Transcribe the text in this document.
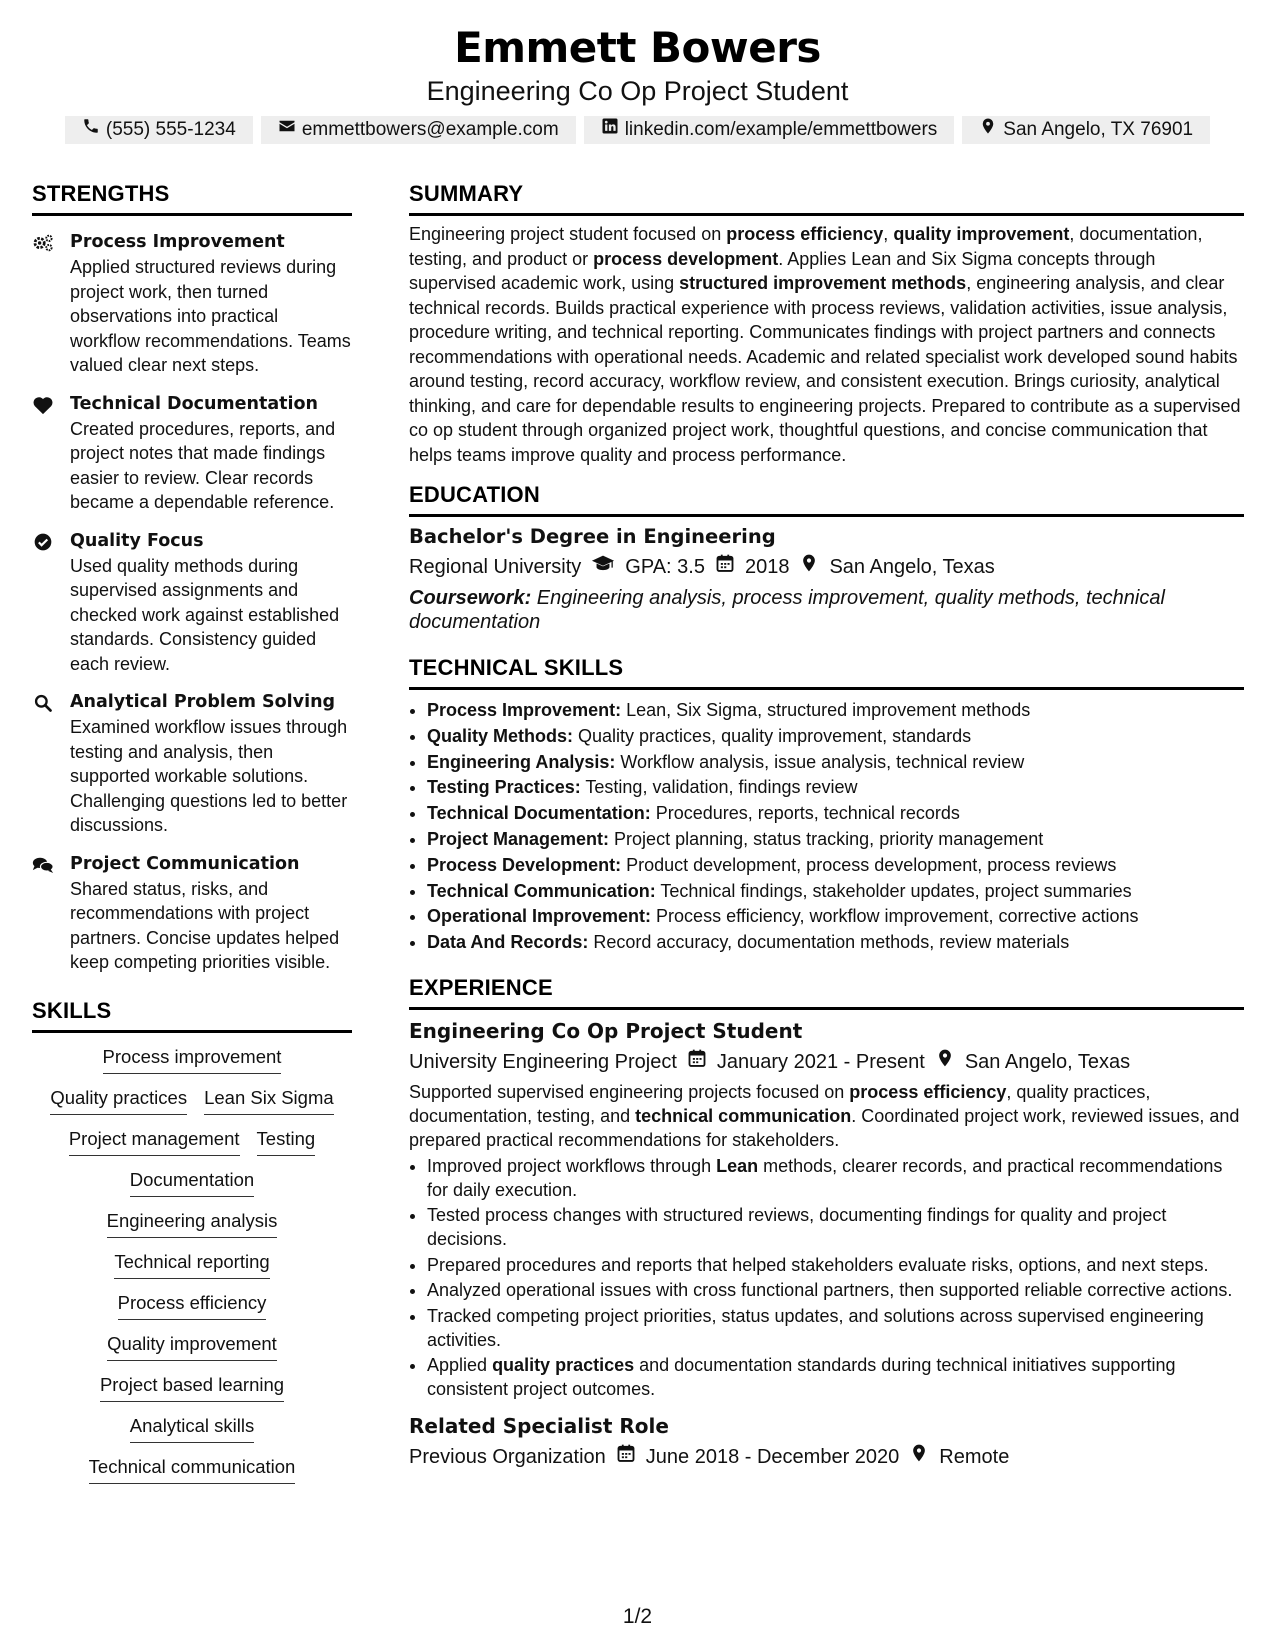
Emmett Bowers
Engineering Co Op Project Student
(555) 555-1234	emmettbowers@example.com	linkedin.com/example/emmettbowers	San Angelo, TX 76901
STRENGTHS
Process Improvement
Applied structured reviews during project work, then turned observations into practical workflow recommendations. Teams valued clear next steps.
Technical Documentation
Created procedures, reports, and project notes that made findings easier to review. Clear records became a dependable reference.
Quality Focus
Used quality methods during supervised assignments and checked work against established standards. Consistency guided each review.
Analytical Problem Solving
Examined workflow issues through testing and analysis, then supported workable solutions. Challenging questions led to better discussions.
Project Communication
Shared status, risks, and recommendations with project partners. Concise updates helped keep competing priorities visible.
SKILLS
Process improvement
Quality practices Lean Six Sigma
Project management Testing
Documentation
Engineering analysis
Technical reporting
Process efficiency
Quality improvement
Project based learning
Analytical skills
Technical communication
SUMMARY
Engineering project student focused on process efficiency, quality improvement, documentation, testing, and product or process development. Applies Lean and Six Sigma concepts through supervised academic work, using structured improvement methods, engineering analysis, and clear technical records. Builds practical experience with process reviews, validation activities, issue analysis, procedure writing, and technical reporting. Communicates findings with project partners and connects recommendations with operational needs. Academic and related specialist work developed sound habits around testing, record accuracy, workflow review, and consistent execution. Brings curiosity, analytical thinking, and care for dependable results to engineering projects. Prepared to contribute as a supervised co op student through organized project work, thoughtful questions, and concise communication that helps teams improve quality and process performance.
EDUCATION
Bachelor's Degree in Engineering
Regional University GPA: 3.5 2018 San Angelo, Texas
Coursework: Engineering analysis, process improvement, quality methods, technical documentation
TECHNICAL SKILLS
• Process Improvement: Lean, Six Sigma, structured improvement methods
• Quality Methods: Quality practices, quality improvement, standards
• Engineering Analysis: Workflow analysis, issue analysis, technical review
• Testing Practices: Testing, validation, findings review
• Technical Documentation: Procedures, reports, technical records
• Project Management: Project planning, status tracking, priority management
• Process Development: Product development, process development, process reviews
• Technical Communication: Technical findings, stakeholder updates, project summaries
• Operational Improvement: Process efficiency, workflow improvement, corrective actions
• Data And Records: Record accuracy, documentation methods, review materials
EXPERIENCE
Engineering Co Op Project Student
University Engineering Project January 2021 - Present San Angelo, Texas
Supported supervised engineering projects focused on process efficiency, quality practices, documentation, testing, and technical communication. Coordinated project work, reviewed issues, and prepared practical recommendations for stakeholders.
• Improved project workflows through Lean methods, clearer records, and practical recommendations for daily execution.
• Tested process changes with structured reviews, documenting findings for quality and project decisions.
• Prepared procedures and reports that helped stakeholders evaluate risks, options, and next steps.
• Analyzed operational issues with cross functional partners, then supported reliable corrective actions.
• Tracked competing project priorities, status updates, and solutions across supervised engineering activities.
• Applied quality practices and documentation standards during technical initiatives supporting consistent project outcomes.
Related Specialist Role
Previous Organization June 2018 - December 2020 Remote
1/2
